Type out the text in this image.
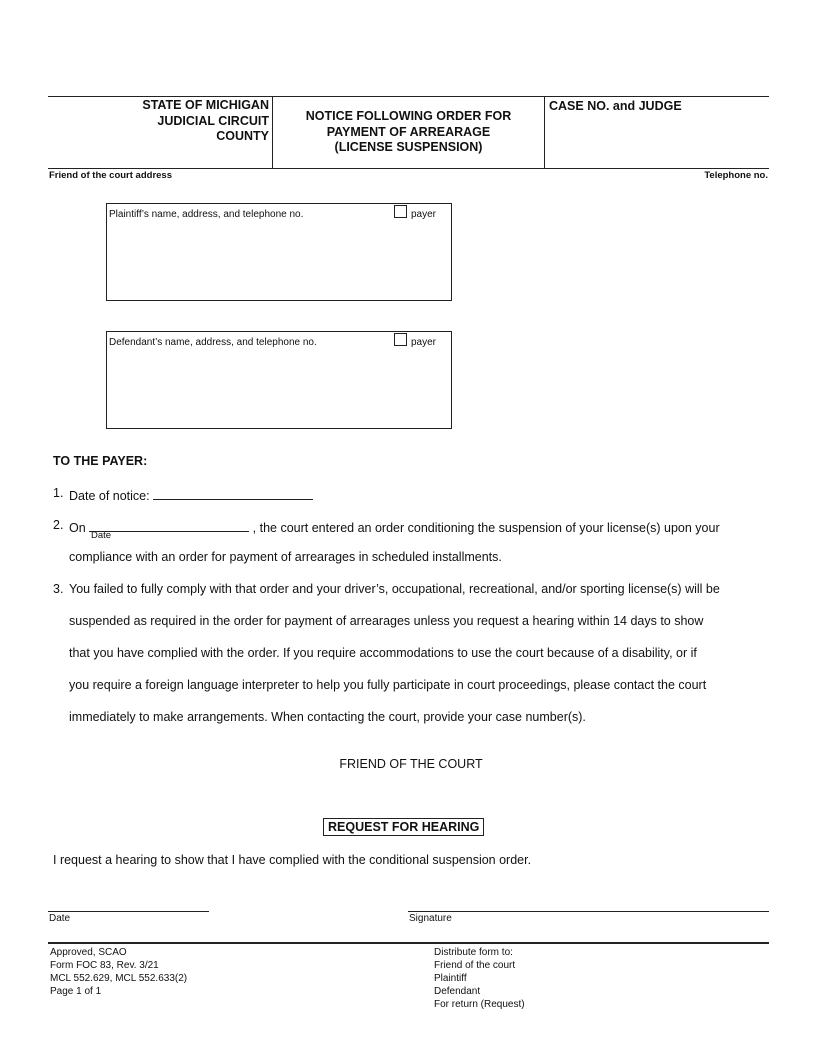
STATE OF MICHIGAN
JUDICIAL CIRCUIT
COUNTY
NOTICE FOLLOWING ORDER FOR
PAYMENT OF ARREARAGE
(LICENSE SUSPENSION)
CASE NO. and JUDGE
Friend of the court address	Telephone no.
Plaintiff’s name, address, and telephone no.	payer
Defendant’s name, address, and telephone no.	payer
TO THE PAYER:
1. Date of notice:
2. On	, the court entered an order conditioning the suspension of your license(s) upon your
Date
compliance with an order for payment of arrearages in scheduled installments.
3. You failed to fully comply with that order and your driver’s, occupational, recreational, and/or sporting license(s) will be
suspended as required in the order for payment of arrearages unless you request a hearing within 14 days to show
that you have complied with the order. If you require accommodations to use the court because of a disability, or if
you require a foreign language interpreter to help you fully participate in court proceedings, please contact the court
immediately to make arrangements. When contacting the court, provide your case number(s).
FRIEND OF THE COURT
REQUEST FOR HEARING
I request a hearing to show that I have complied with the conditional suspension order.
Date	Signature
Approved, SCAO
Form FOC 83, Rev. 3/21
MCL 552.629, MCL 552.633(2)
Page 1 of 1
Distribute form to:
Friend of the court
Plaintiff
Defendant
For return (Request)
